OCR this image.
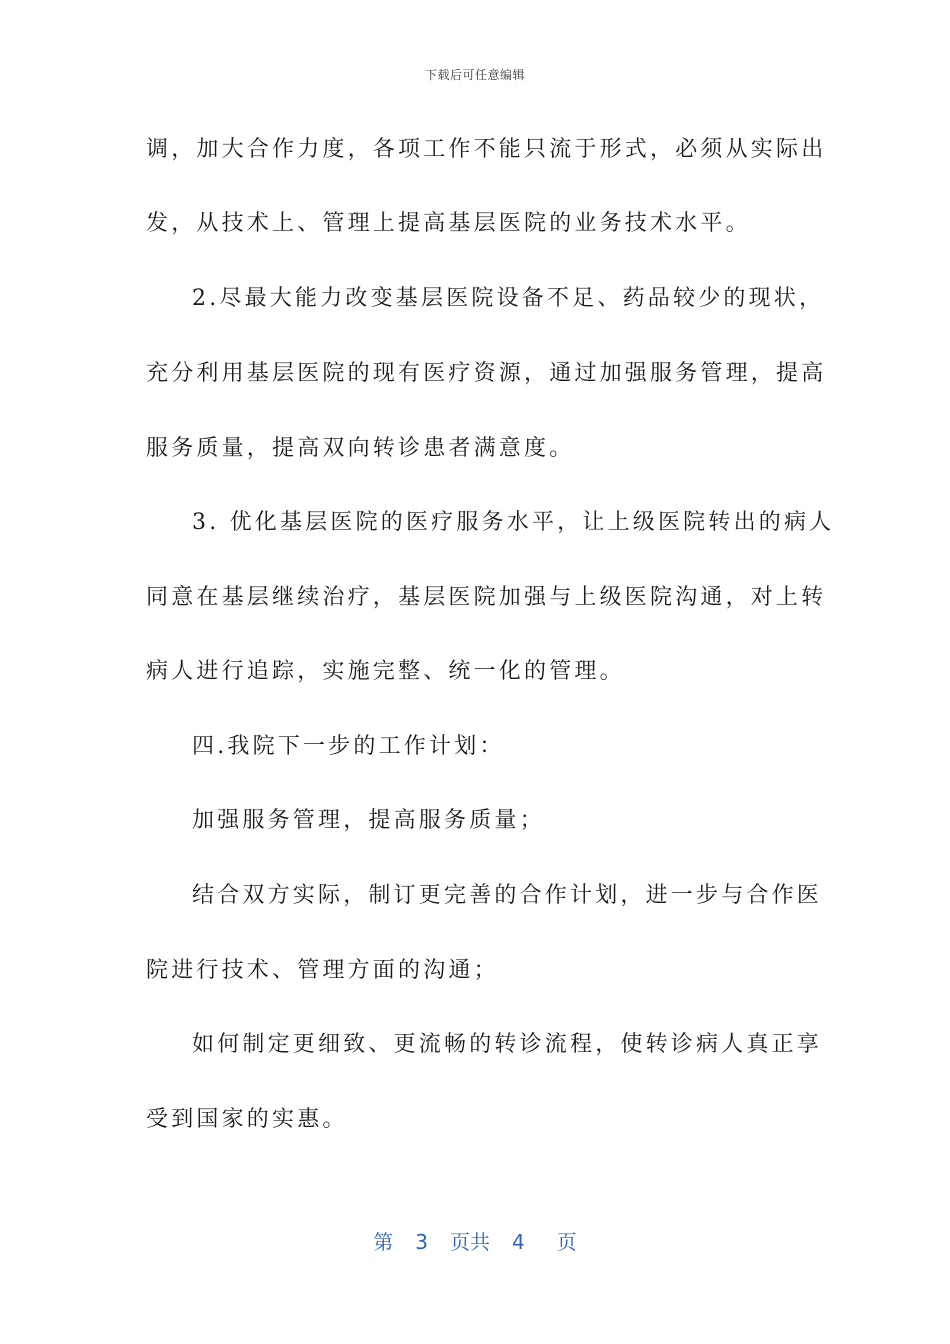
下载后可任意编辑
调，加大合作力度，各项工作不能只流于形式，必须从实际出
发，从技术上、管理上提高基层医院的业务技术水平。
2.尽最大能力改变基层医院设备不足、药品较少的现状，
充分利用基层医院的现有医疗资源，通过加强服务管理，提高
服务质量，提高双向转诊患者满意度。
3. 优化基层医院的医疗服务水平，让上级医院转出的病人
同意在基层继续治疗，基层医院加强与上级医院沟通，对上转
病人进行追踪，实施完整、统一化的管理。
四.我院下一步的工作计划：
加强服务管理，提高服务质量；
结合双方实际，制订更完善的合作计划，进一步与合作医
院进行技术、管理方面的沟通；
如何制定更细致、更流畅的转诊流程，使转诊病人真正享
受到国家的实惠。
第 3 页共 4 页
